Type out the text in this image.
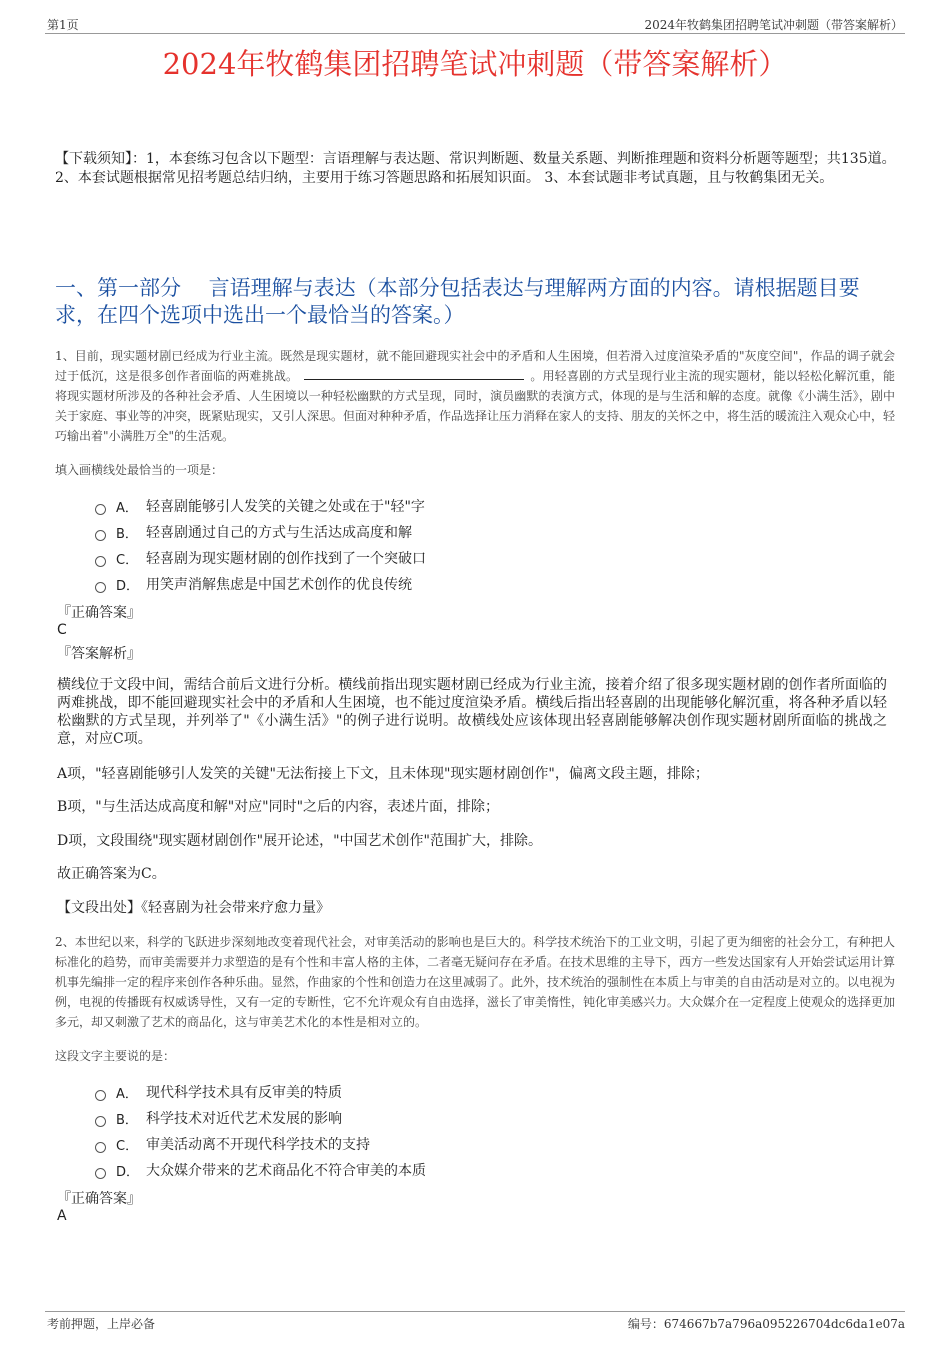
第1页	2024年牧鹤集团招聘笔试冲刺题（带答案解析）
2024年牧鹤集团招聘笔试冲刺题（带答案解析）
【下载须知】：1，本套练习包含以下题型：言语理解与表达题、常识判断题、数量关系题、判断推理题和资料分析题等题型；共135道。 2、本套试题根据常见招考题总结归纳，主要用于练习答题思路和拓展知识面。 3、本套试题非考试真题，且与牧鹤集团无关。
一、第一部分　 言语理解与表达（本部分包括表达与理解两方面的内容。请根据题目要求，在四个选项中选出一个最恰当的答案。）
1、目前，现实题材剧已经成为行业主流。既然是现实题材，就不能回避现实社会中的矛盾和人生困境，但若滑入过度渲染矛盾的"灰度空间"，作品的调子就会过于低沉，这是很多创作者面临的两难挑战。	。用轻喜剧的方式呈现行业主流的现实题材，能以轻松化解沉重，能将现实题材所涉及的各种社会矛盾、人生困境以一种轻松幽默的方式呈现，同时，演员幽默的表演方式，体现的是与生活和解的态度。就像《小满生活》，剧中关于家庭、事业等的冲突，既紧贴现实，又引人深思。但面对种种矛盾，作品选择让压力消释在家人的支持、朋友的关怀之中，将生活的暖流注入观众心中，轻巧输出着"小满胜万全"的生活观。
填入画横线处最恰当的一项是：
A． 轻喜剧能够引人发笑的关键之处或在于"轻"字
B． 轻喜剧通过自己的方式与生活达成高度和解
C． 轻喜剧为现实题材剧的创作找到了一个突破口
D． 用笑声消解焦虑是中国艺术创作的优良传统
『正确答案』
C
『答案解析』
横线位于文段中间，需结合前后文进行分析。横线前指出现实题材剧已经成为行业主流，接着介绍了很多现实题材剧的创作者所面临的两难挑战，即不能回避现实社会中的矛盾和人生困境，也不能过度渲染矛盾。横线后指出轻喜剧的出现能够化解沉重，将各种矛盾以轻松幽默的方式呈现，并列举了"《小满生活》"的例子进行说明。故横线处应该体现出轻喜剧能够解决创作现实题材剧所面临的挑战之意，对应C项。
A项，"轻喜剧能够引人发笑的关键"无法衔接上下文，且未体现"现实题材剧创作"，偏离文段主题，排除；
B项，"与生活达成高度和解"对应"同时"之后的内容，表述片面，排除；
D项，文段围绕"现实题材剧创作"展开论述，"中国艺术创作"范围扩大，排除。
故正确答案为C。
【文段出处】《轻喜剧为社会带来疗愈力量》
2、本世纪以来，科学的飞跃进步深刻地改变着现代社会，对审美活动的影响也是巨大的。科学技术统治下的工业文明，引起了更为细密的社会分工，有种把人标准化的趋势，而审美需要并力求塑造的是有个性和丰富人格的主体，二者毫无疑问存在矛盾。在技术思维的主导下，西方一些发达国家有人开始尝试运用计算机事先编排一定的程序来创作各种乐曲。显然，作曲家的个性和创造力在这里减弱了。此外，技术统治的强制性在本质上与审美的自由活动是对立的。以电视为例，电视的传播既有权威诱导性，又有一定的专断性，它不允许观众有自由选择，滋长了审美惰性，钝化审美感兴力。大众媒介在一定程度上使观众的选择更加多元，却又刺激了艺术的商品化，这与审美艺术化的本性是相对立的。
这段文字主要说的是：
A． 现代科学技术具有反审美的特质
B． 科学技术对近代艺术发展的影响
C． 审美活动离不开现代科学技术的支持
D． 大众媒介带来的艺术商品化不符合审美的本质
『正确答案』
A
考前押题，上岸必备	编号：674667b7a796a095226704dc6da1e07a
